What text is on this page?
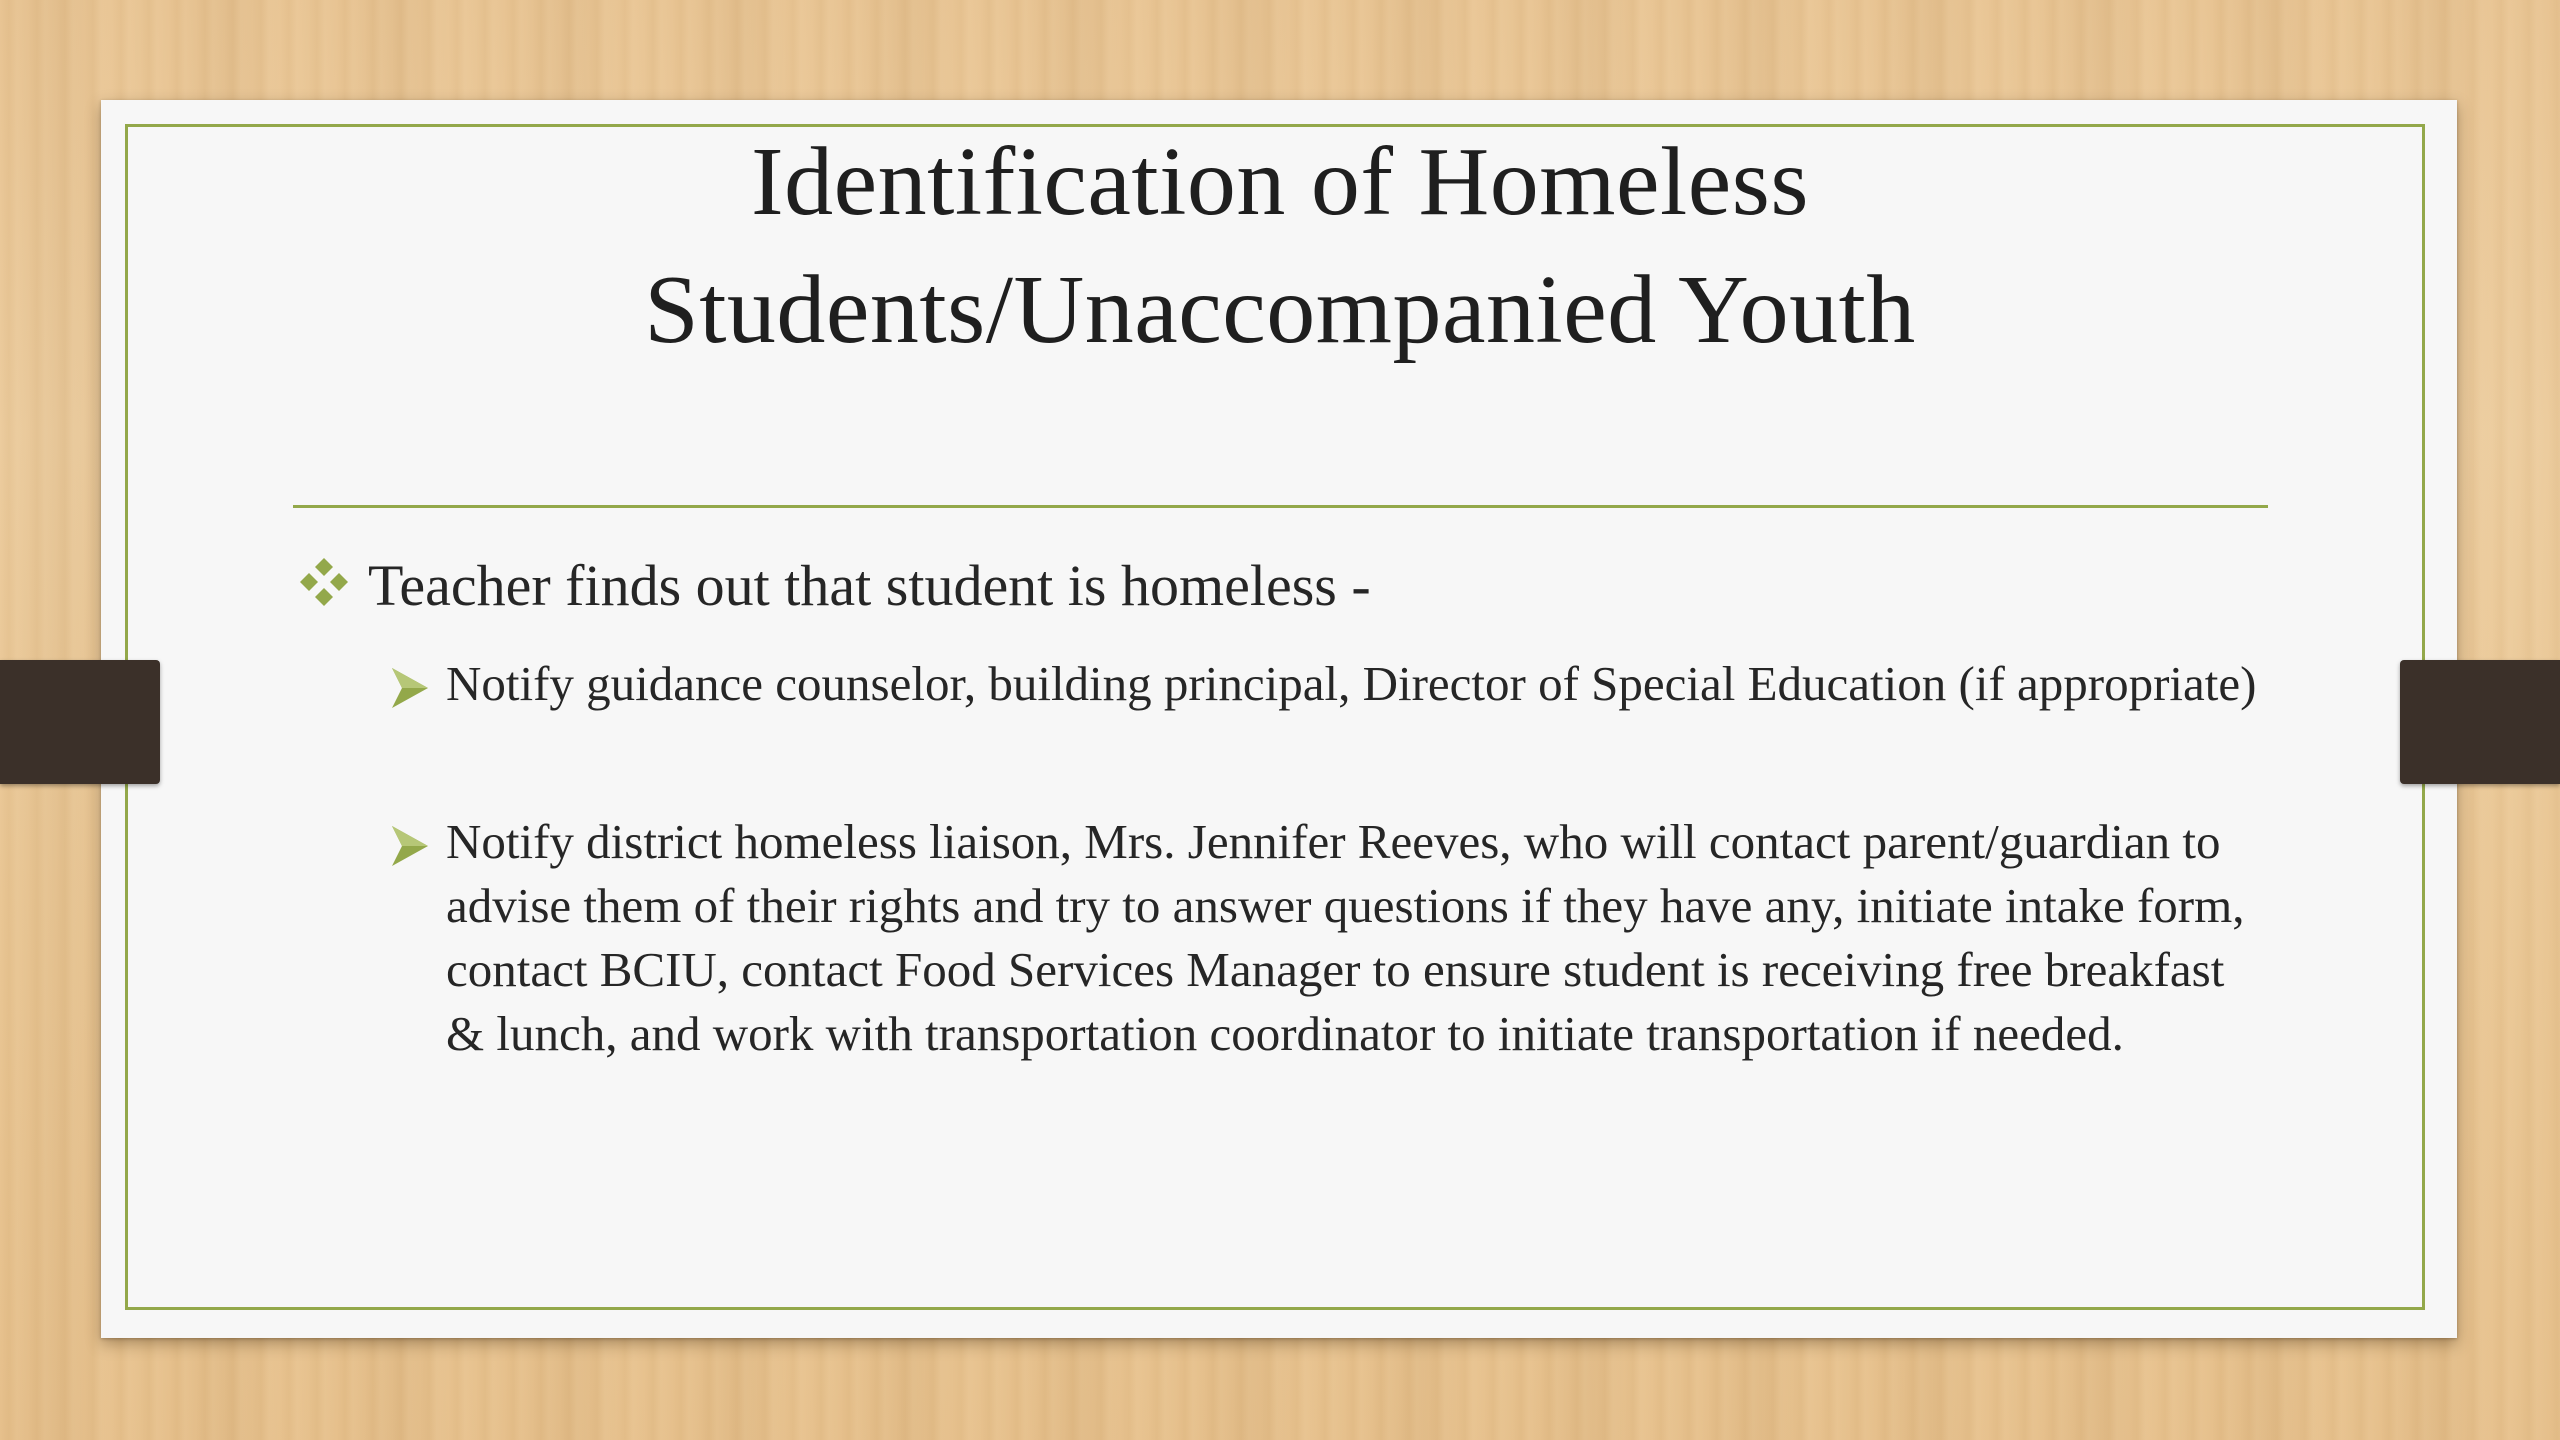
Identification of Homeless
Students/Unaccompanied Youth
Teacher finds out that student is homeless -
Notify guidance counselor, building principal, Director of Special Education (if appropriate)
Notify district homeless liaison, Mrs. Jennifer Reeves, who will contact parent/guardian to advise them of their rights and try to answer questions if they have any, initiate intake form, contact BCIU, contact Food Services Manager to ensure student is receiving free breakfast & lunch, and work with transportation coordinator to initiate transportation if needed.
